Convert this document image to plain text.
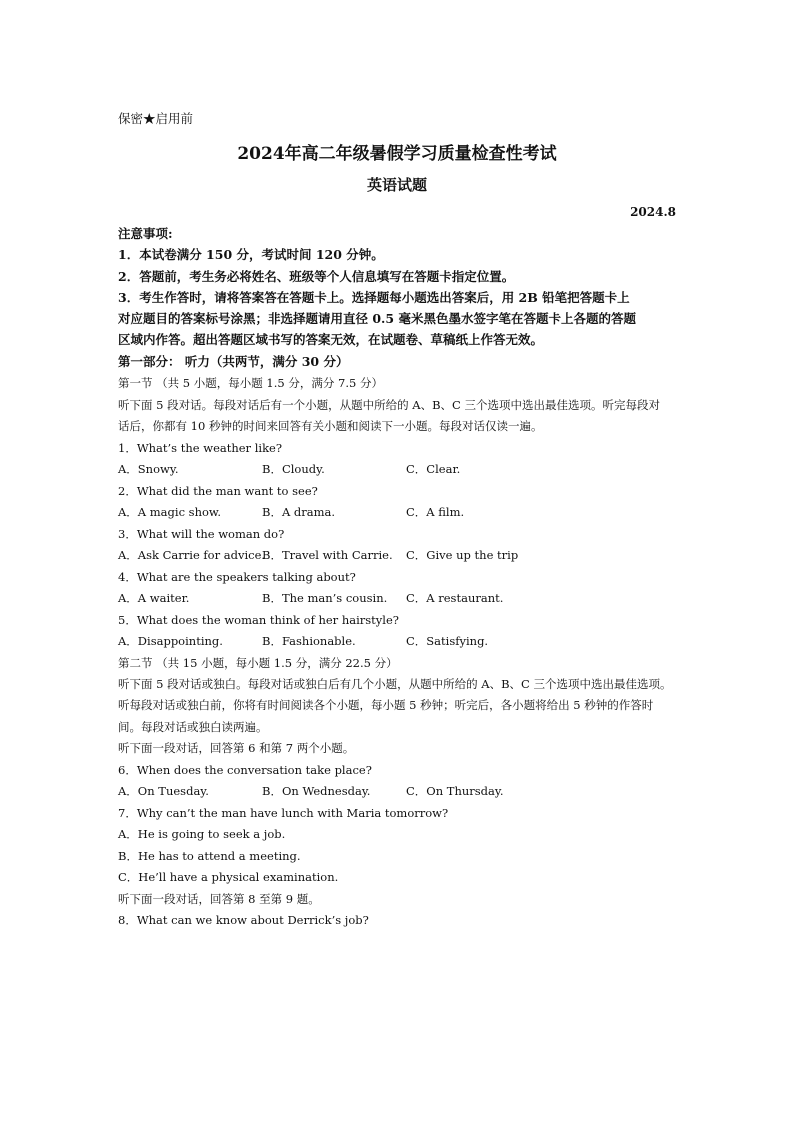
保密★启用前
2024年高二年级暑假学习质量检查性考试
英语试题
2024.8
注意事项:
1．本试卷满分 150 分，考试时间 120 分钟。
2．答题前，考生务必将姓名、班级等个人信息填写在答题卡指定位置。
3．考生作答时，请将答案答在答题卡上。选择题每小题选出答案后，用 2B 铅笔把答题卡上
对应题目的答案标号涂黑；非选择题请用直径 0.5 毫米黑色墨水签字笔在答题卡上各题的答题
区域内作答。超出答题区域书写的答案无效，在试题卷、草稿纸上作答无效。
第一部分： 听力（共两节，满分 30 分）
第一节 （共 5 小题，每小题 1.5 分，满分 7.5 分）
听下面 5 段对话。每段对话后有一个小题，从题中所给的 A、B、C 三个选项中选出最佳选项。听完每段对
话后，你都有 10 秒钟的时间来回答有关小题和阅读下一小题。每段对话仅读一遍。
1．What’s the weather like?
A．Snowy.	B．Cloudy.	C．Clear.
2．What did the man want to see?
A．A magic show.	B．A drama.	C．A film.
3．What will the woman do?
A．Ask Carrie for advice.
B．Travel with Carrie. C．Give up the trip
4．What are the speakers talking about?
A．A waiter.	B．The man’s cousin. C．A restaurant.
5．What does the woman think of her hairstyle?
A．Disappointing.	B．Fashionable.	C．Satisfying.
第二节 （共 15 小题，每小题 1.5 分，满分 22.5 分）
听下面 5 段对话或独白。每段对话或独白后有几个小题，从题中所给的 A、B、C 三个选项中选出最佳选项。
听每段对话或独白前，你将有时间阅读各个小题，每小题 5 秒钟；听完后，各小题将给出 5 秒钟的作答时
间。每段对话或独白读两遍。
听下面一段对话，回答第 6 和第 7 两个小题。
6．When does the conversation take place?
A．On Tuesday.	B．On Wednesday.	C．On Thursday.
7．Why can’t the man have lunch with Maria tomorrow?
A．He is going to seek a job.
B．He has to attend a meeting.
C．He’ll have a physical examination.
听下面一段对话，回答第 8 至第 9 题。
8．What can we know about Derrick’s job?
